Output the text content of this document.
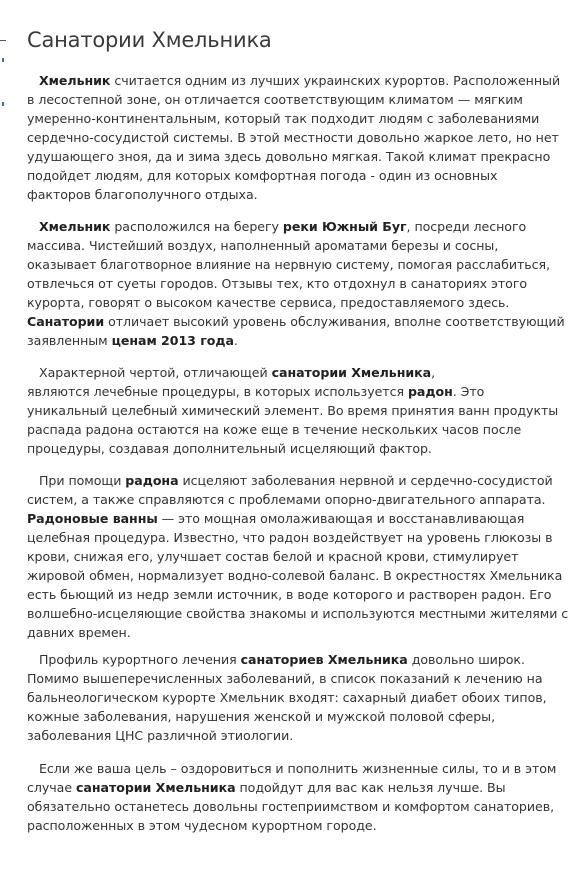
Санатории Хмельника

Хмельник считается одним из лучших украинских курортов. Расположенный
в лесостепной зоне, он отличается соответствующим климатом — мягким
умеренно-континентальным, который так подходит людям с заболеваниями
сердечно-сосудистой системы. В этой местности довольно жаркое лето, но нет
удушающего зноя, да и зима здесь довольно мягкая. Такой климат прекрасно
подойдет людям, для которых комфортная погода - один из основных
факторов благополучного отдыха.

Хмельник расположился на берегу реки Южный Буг, посреди лесного
массива. Чистейший воздух, наполненный ароматами березы и сосны,
оказывает благотворное влияние на нервную систему, помогая расслабиться,
отвлечься от суеты городов. Отзывы тех, кто отдохнул в санаториях этого
курорта, говорят о высоком качестве сервиса, предоставляемого здесь.
Санатории отличает высокий уровень обслуживания, вполне соответствующий
заявленным ценам 2013 года.

Характерной чертой, отличающей санатории Хмельника,
являются лечебные процедуры, в которых используется радон. Это
уникальный целебный химический элемент. Во время принятия ванн продукты
распада радона остаются на коже еще в течение нескольких часов после
процедуры, создавая дополнительный исцеляющий фактор.

При помощи радона исцеляют заболевания нервной и сердечно-сосудистой
систем, а также справляются с проблемами опорно-двигательного аппарата.
Радоновые ванны — это мощная омолаживающая и восстанавливающая
целебная процедура. Известно, что радон воздействует на уровень глюкозы в
крови, снижая его, улучшает состав белой и красной крови, стимулирует
жировой обмен, нормализует водно-солевой баланс. В окрестностях Хмельника
есть бьющий из недр земли источник, в воде которого и растворен радон. Его
волшебно-исцеляющие свойства знакомы и используются местными жителями с
давних времен.

Профиль курортного лечения санаториев Хмельника довольно широк.
Помимо вышеперечисленных заболеваний, в список показаний к лечению на
бальнеологическом курорте Хмельник входят: сахарный диабет обоих типов,
кожные заболевания, нарушения женской и мужской половой сферы,
заболевания ЦНС различной этиологии.

Если же ваша цель – оздоровиться и пополнить жизненные силы, то и в этом
случае санатории Хмельника подойдут для вас как нельзя лучше. Вы
обязательно останетесь довольны гостеприимством и комфортом санаториев,
расположенных в этом чудесном курортном городе.
